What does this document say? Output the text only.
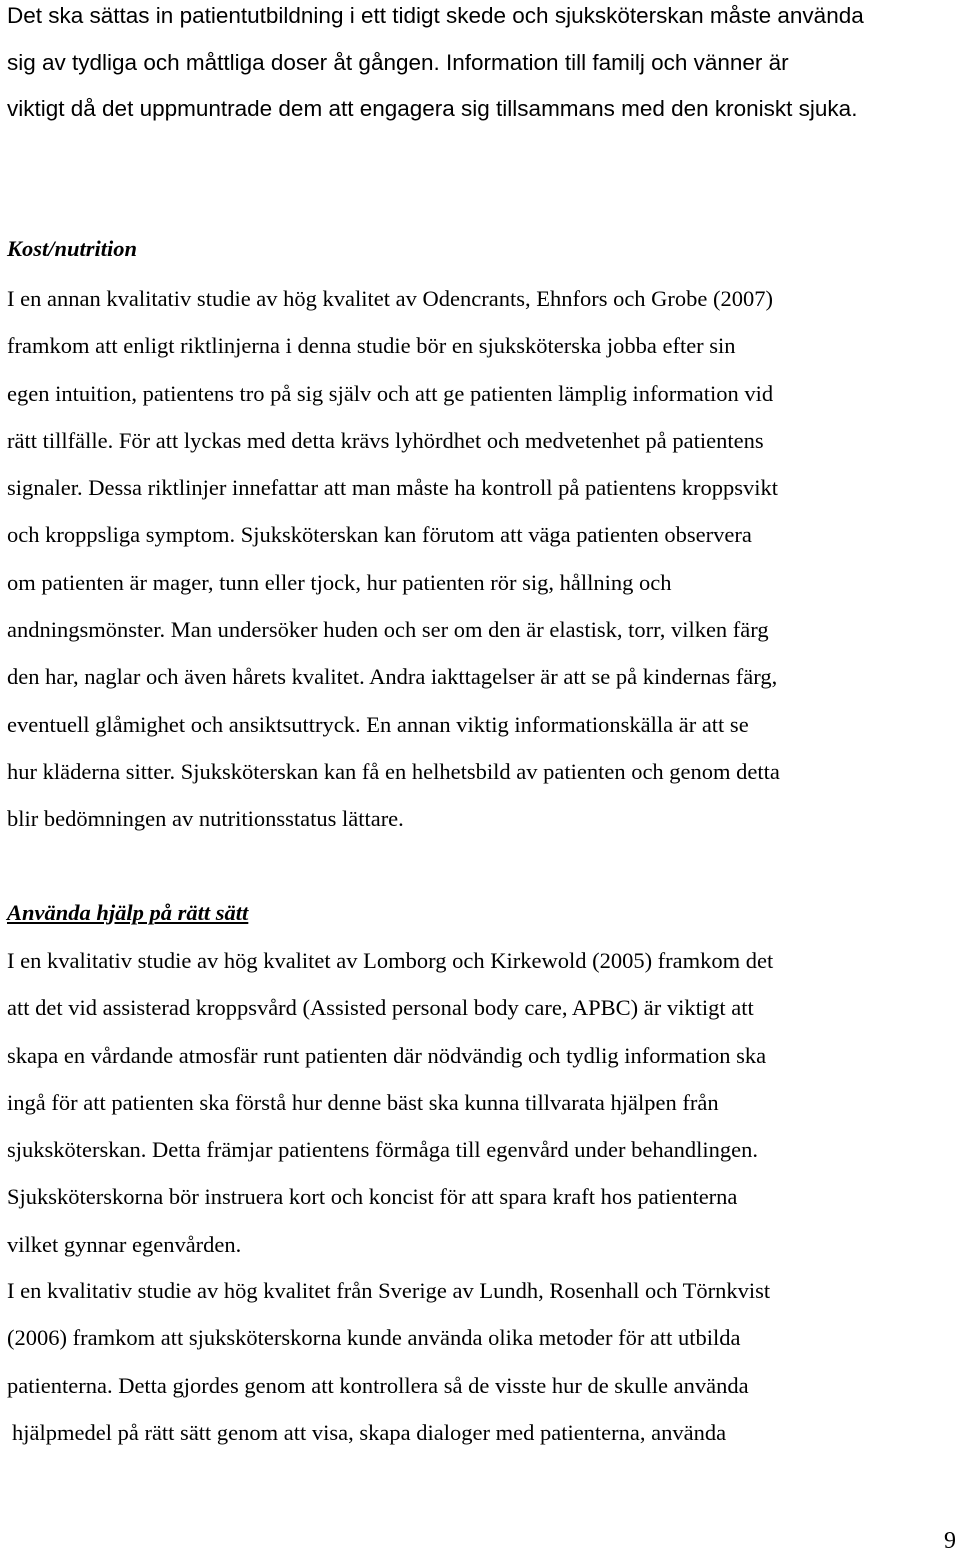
Det ska sättas in patientutbildning i ett tidigt skede och sjuksköterskan måste använda
sig av tydliga och måttliga doser åt gången. Information till familj och vänner är
viktigt då det uppmuntrade dem att engagera sig tillsammans med den kroniskt sjuka.

Kost/nutrition

I en annan kvalitativ studie av hög kvalitet av Odencrants, Ehnfors och Grobe (2007)
framkom att enligt riktlinjerna i denna studie bör en sjuksköterska jobba efter sin
egen intuition, patientens tro på sig själv och att ge patienten lämplig information vid
rätt tillfälle. För att lyckas med detta krävs lyhördhet och medvetenhet på patientens
signaler. Dessa riktlinjer innefattar att man måste ha kontroll på patientens kroppsvikt
och kroppsliga symptom. Sjuksköterskan kan förutom att väga patienten observera
om patienten är mager, tunn eller tjock, hur patienten rör sig, hållning och
andningsmönster. Man undersöker huden och ser om den är elastisk, torr, vilken färg
den har, naglar och även hårets kvalitet. Andra iakttagelser är att se på kindernas färg,
eventuell glåmighet och ansiktsuttryck. En annan viktig informationskälla är att se
hur kläderna sitter. Sjuksköterskan kan få en helhetsbild av patienten och genom detta
blir bedömningen av nutritionsstatus lättare.

Använda hjälp på rätt sätt

I en kvalitativ studie av hög kvalitet av Lomborg och Kirkewold (2005) framkom det
att det vid assisterad kroppsvård (Assisted personal body care, APBC) är viktigt att
skapa en vårdande atmosfär runt patienten där nödvändig och tydlig information ska
ingå för att patienten ska förstå hur denne bäst ska kunna tillvarata hjälpen från
sjuksköterskan. Detta främjar patientens förmåga till egenvård under behandlingen.
Sjuksköterskorna bör instruera kort och koncist för att spara kraft hos patienterna
vilket gynnar egenvården.

I en kvalitativ studie av hög kvalitet från Sverige av Lundh, Rosenhall och Törnkvist
(2006) framkom att sjuksköterskorna kunde använda olika metoder för att utbilda
patienterna. Detta gjordes genom att kontrollera så de visste hur de skulle använda
hjälpmedel på rätt sätt genom att visa, skapa dialoger med patienterna, använda

9
